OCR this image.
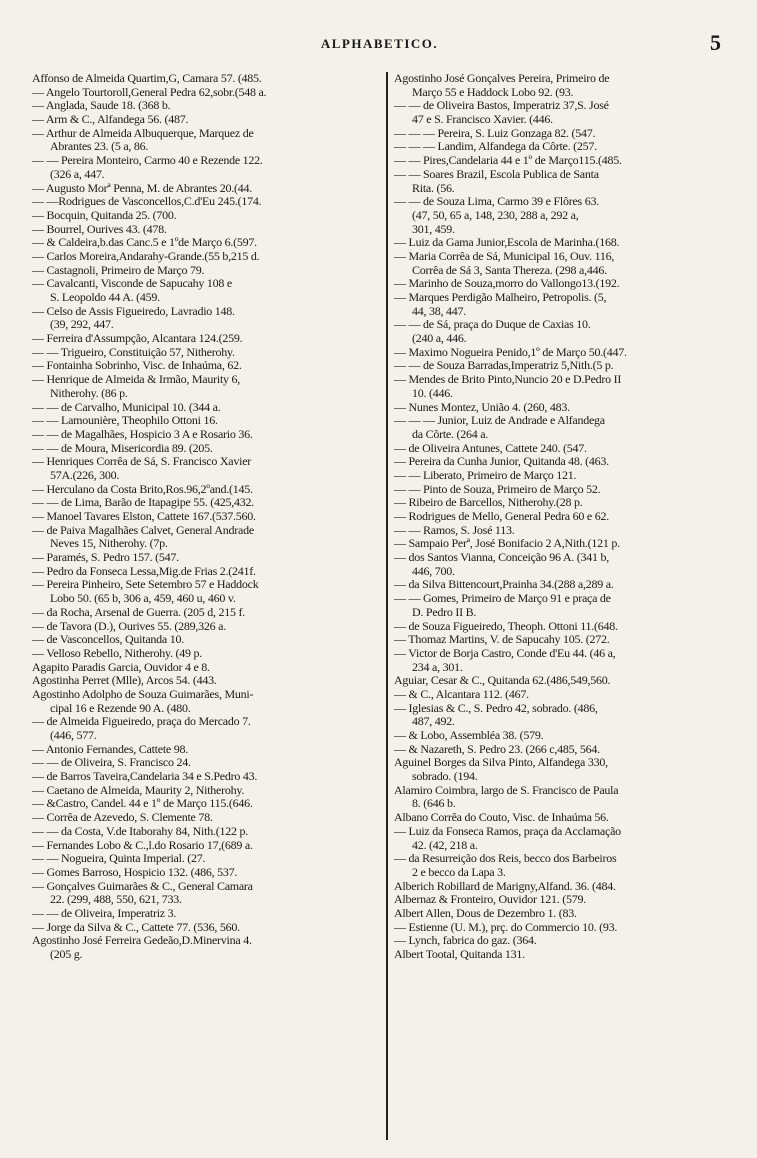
ALPHABETICO.	5
Affonso de Almeida Quartim,G, Camara 57. (485.
— Angelo Tourtoroll,General Pedra 62,sobr.(548 a.
— Anglada, Saude 18. (368 b.
— Arm & C., Alfandega 56. (487.
— Arthur de Almeida Albuquerque, Marquez de
Abrantes 23. (5 a, 86.
— — Pereira Monteiro, Carmo 40 e Rezende 122.
(326 a, 447.
— Augusto Morª Penna, M. de Abrantes 20.(44.
— —Rodrigues de Vasconcellos,C.d'Eu 245.(174.
— Bocquin, Quitanda 25. (700.
— Bourrel, Ourives 43. (478.
— & Caldeira,b.das Canc.5 e 1ºde Março 6.(597.
— Carlos Moreira,Andarahy-Grande.(55 b,215 d.
— Castagnoli, Primeiro de Março 79.
— Cavalcanti, Visconde de Sapucahy 108 e
S. Leopoldo 44 A. (459.
— Celso de Assis Figueiredo, Lavradio 148.
(39, 292, 447.
— Ferreira d'Assumpção, Alcantara 124.(259.
— — Trigueiro, Constituição 57, Nitherohy.
— Fontainha Sobrinho, Visc. de Inhaúma, 62.
— Henrique de Almeida & Irmão, Maurity 6,
Nitherohy. (86 p.
— — de Carvalho, Municipal 10. (344 a.
— — Lamounière, Theophilo Ottoni 16.
— — de Magalhães, Hospicio 3 A e Rosario 36.
— — de Moura, Misericordia 89. (205.
— Henriques Corrêa de Sá, S. Francisco Xavier
57A.(226, 300.
— Herculano da Costa Brito,Ros.96,2ºand.(145.
— — de Lima, Barão de Itapagipe 55. (425,432.
— Manoel Tavares Elston, Cattete 167.(537.560.
— de Paiva Magalhães Calvet, General Andrade
Neves 15, Nitherohy. (7p.
— Paramés, S. Pedro 157. (547.
— Pedro da Fonseca Lessa,Mig.de Frias 2.(241f.
— Pereira Pinheiro, Sete Setembro 57 e Haddock
Lobo 50. (65 b, 306 a, 459, 460 u, 460 v.
— da Rocha, Arsenal de Guerra. (205 d, 215 f.
— de Tavora (D.), Ourives 55. (289,326 a.
— de Vasconcellos, Quitanda 10.
— Velloso Rebello, Nitherohy. (49 p.
Agapito Paradis Garcia, Ouvidor 4 e 8.
Agostinha Perret (Mlle), Arcos 54. (443.
Agostinho Adolpho de Souza Guimarães, Muni-
cipal 16 e Rezende 90 A. (480.
— de Almeida Figueiredo, praça do Mercado 7.
(446, 577.
— Antonio Fernandes, Cattete 98.
— — de Oliveira, S. Francisco 24.
— de Barros Taveira,Candelaria 34 e S.Pedro 43.
— Caetano de Almeida, Maurity 2, Nitherohy.
— &Castro, Candel. 44 e 1º de Março 115.(646.
— Corrêa de Azevedo, S. Clemente 78.
— — da Costa, V.de Itaborahy 84, Nith.(122 p.
— Fernandes Lobo & C.,l.do Rosario 17,(689 a.
— — Nogueira, Quinta Imperial. (27.
— Gomes Barroso, Hospicio 132. (486, 537.
— Gonçalves Guimarães & C., General Camara
22. (299, 488, 550, 621, 733.
— — de Oliveira, Imperatriz 3.
— Jorge da Silva & C., Cattete 77. (536, 560.
Agostinho José Ferreira Gedeão,D.Minervina 4.
(205 g.
Agostinho José Gonçalves Pereira, Primeiro de
Março 55 e Haddock Lobo 92. (93.
— — de Oliveira Bastos, Imperatriz 37,S. José
47 e S. Francisco Xavier. (446.
— — — Pereira, S. Luiz Gonzaga 82. (547.
— — — Landim, Alfandega da Côrte. (257.
— — Pires,Candelaria 44 e 1º de Março115.(485.
— — Soares Brazil, Escola Publica de Santa
Rita. (56.
— — de Souza Lima, Carmo 39 e Flôres 63.
(47, 50, 65 a, 148, 230, 288 a, 292 a,
301, 459.
— Luiz da Gama Junior,Escola de Marinha.(168.
— Maria Corrêa de Sá, Municipal 16, Ouv. 116,
Corrêa de Sá 3, Santa Thereza. (298 a,446.
— Marinho de Souza,morro do Vallongo13.(192.
— Marques Perdigão Malheiro, Petropolis. (5,
44, 38, 447.
— — de Sá, praça do Duque de Caxias 10.
(240 a, 446.
— Maximo Nogueira Penido,1º de Março 50.(447.
— — de Souza Barradas,Imperatriz 5,Nith.(5 p.
— Mendes de Brito Pinto,Nuncio 20 e D.Pedro II
10. (446.
— Nunes Montez, União 4. (260, 483.
— — — Junior, Luiz de Andrade e Alfandega
da Côrte. (264 a.
— de Oliveira Antunes, Cattete 240. (547.
— Pereira da Cunha Junior, Quitanda 48. (463.
— — Liberato, Primeiro de Março 121.
— — Pinto de Souza, Primeiro de Março 52.
— Ribeiro de Barcellos, Nitherohy.(28 p.
— Rodrigues de Mello, General Pedra 60 e 62.
— — Ramos, S. José 113.
— Sampaio Perª, José Bonifacio 2 A,Nith.(121 p.
— dos Santos Vianna, Conceição 96 A. (341 b,
446, 700.
— da Silva Bittencourt,Prainha 34.(288 a,289 a.
— — Gomes, Primeiro de Março 91 e praça de
D. Pedro II B.
— de Souza Figueiredo, Theoph. Ottoni 11.(648.
— Thomaz Martins, V. de Sapucahy 105. (272.
— Victor de Borja Castro, Conde d'Eu 44. (46 a,
234 a, 301.
Aguiar, Cesar & C., Quitanda 62.(486,549,560.
— & C., Alcantara 112. (467.
— Iglesias & C., S. Pedro 42, sobrado. (486,
487, 492.
— & Lobo, Assembléa 38. (579.
— & Nazareth, S. Pedro 23. (266 c,485, 564.
Aguinel Borges da Silva Pinto, Alfandega 330,
sobrado. (194.
Alamiro Coimbra, largo de S. Francisco de Paula
8. (646 b.
Albano Corrêa do Couto, Visc. de Inhaúma 56.
— Luiz da Fonseca Ramos, praça da Acclamação
42. (42, 218 a.
— da Resurreição dos Reis, becco dos Barbeiros
2 e becco da Lapa 3.
Alberich Robillard de Marigny,Alfand. 36. (484.
Albernaz & Fronteiro, Ouvidor 121. (579.
Albert Allen, Dous de Dezembro 1. (83.
— Estienne (U. M.), prç. do Commercio 10. (93.
— Lynch, fabrica do gaz. (364.
Albert Tootal, Quitanda 131.
